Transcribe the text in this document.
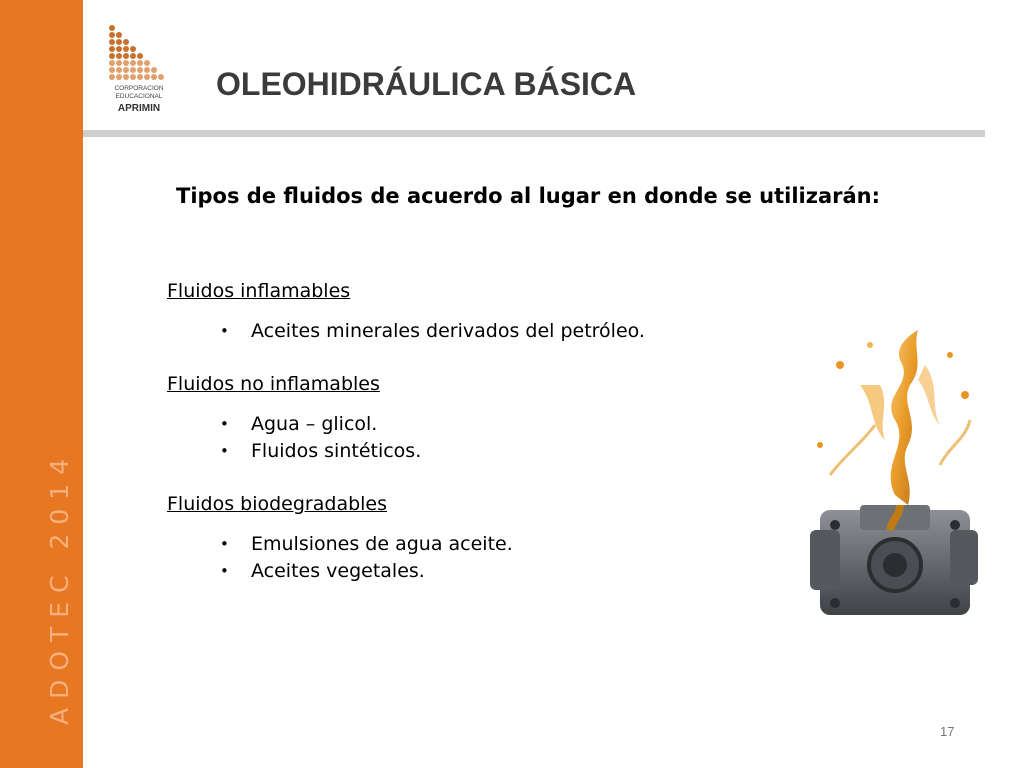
ADOTEC 2014
CORPORACION
EDUCACIONAL
APRIMIN
OLEOHIDRÁULICA BÁSICA

Tipos de fluidos de acuerdo al lugar en donde se utilizarán:

Fluidos inflamables

• Aceites minerales derivados del petróleo.

Fluidos no inflamables

• Agua – glicol.
• Fluidos sintéticos.

Fluidos biodegradables

• Emulsiones de agua aceite.
• Aceites vegetales.
17
